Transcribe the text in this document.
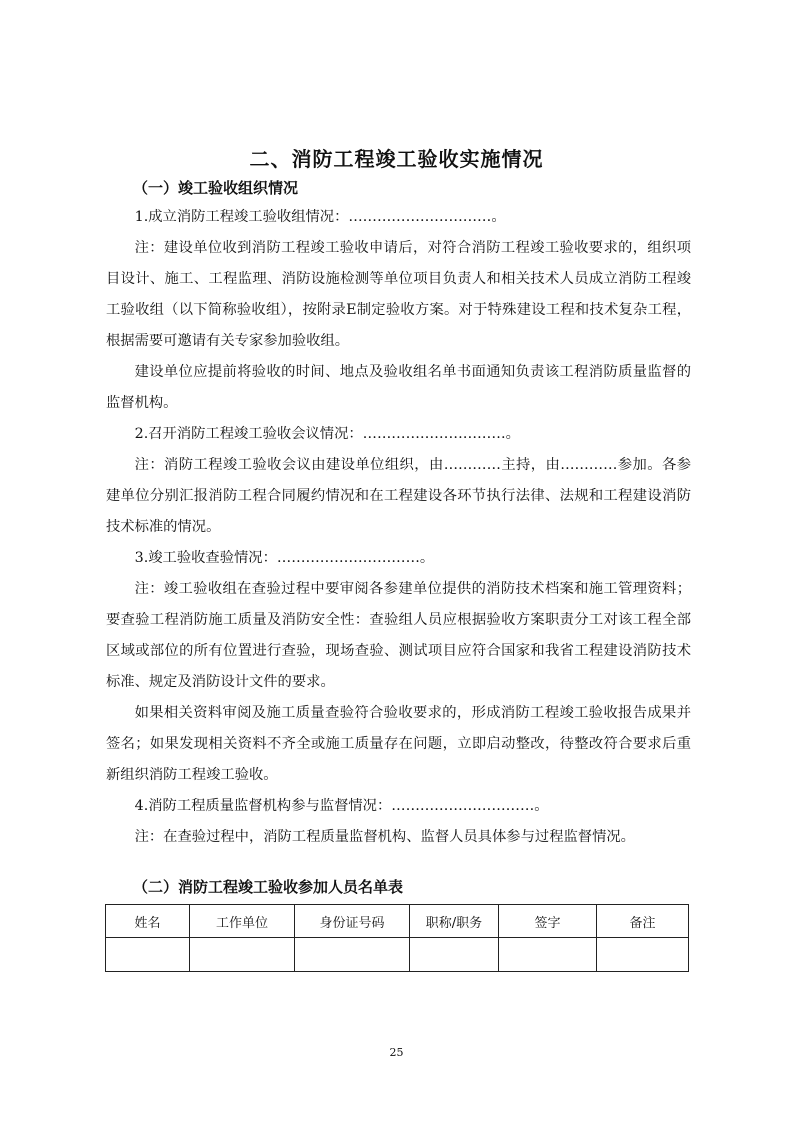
二、消防工程竣工验收实施情况
（一）竣工验收组织情况

1.成立消防工程竣工验收组情况：…………………………。

注：建设单位收到消防工程竣工验收申请后，对符合消防工程竣工验收要求的，组织项目设计、施工、工程监理、消防设施检测等单位项目负责人和相关技术人员成立消防工程竣工验收组（以下简称验收组），按附录E制定验收方案。对于特殊建设工程和技术复杂工程，根据需要可邀请有关专家参加验收组。

建设单位应提前将验收的时间、地点及验收组名单书面通知负责该工程消防质量监督的监督机构。

2.召开消防工程竣工验收会议情况：…………………………。

注：消防工程竣工验收会议由建设单位组织，由…………主持，由…………参加。各参建单位分别汇报消防工程合同履约情况和在工程建设各环节执行法律、法规和工程建设消防技术标准的情况。

3.竣工验收查验情况：…………………………。

注：竣工验收组在查验过程中要审阅各参建单位提供的消防技术档案和施工管理资料；要查验工程消防施工质量及消防安全性：查验组人员应根据验收方案职责分工对该工程全部区域或部位的所有位置进行查验，现场查验、测试项目应符合国家和我省工程建设消防技术标准、规定及消防设计文件的要求。

如果相关资料审阅及施工质量查验符合验收要求的，形成消防工程竣工验收报告成果并签名；如果发现相关资料不齐全或施工质量存在问题，立即启动整改，待整改符合要求后重新组织消防工程竣工验收。

4.消防工程质量监督机构参与监督情况：…………………………。

注：在查验过程中，消防工程质量监督机构、监督人员具体参与过程监督情况。

（二）消防工程竣工验收参加人员名单表
姓名	工作单位	身份证号码	职称/职务	签字	备注

25
